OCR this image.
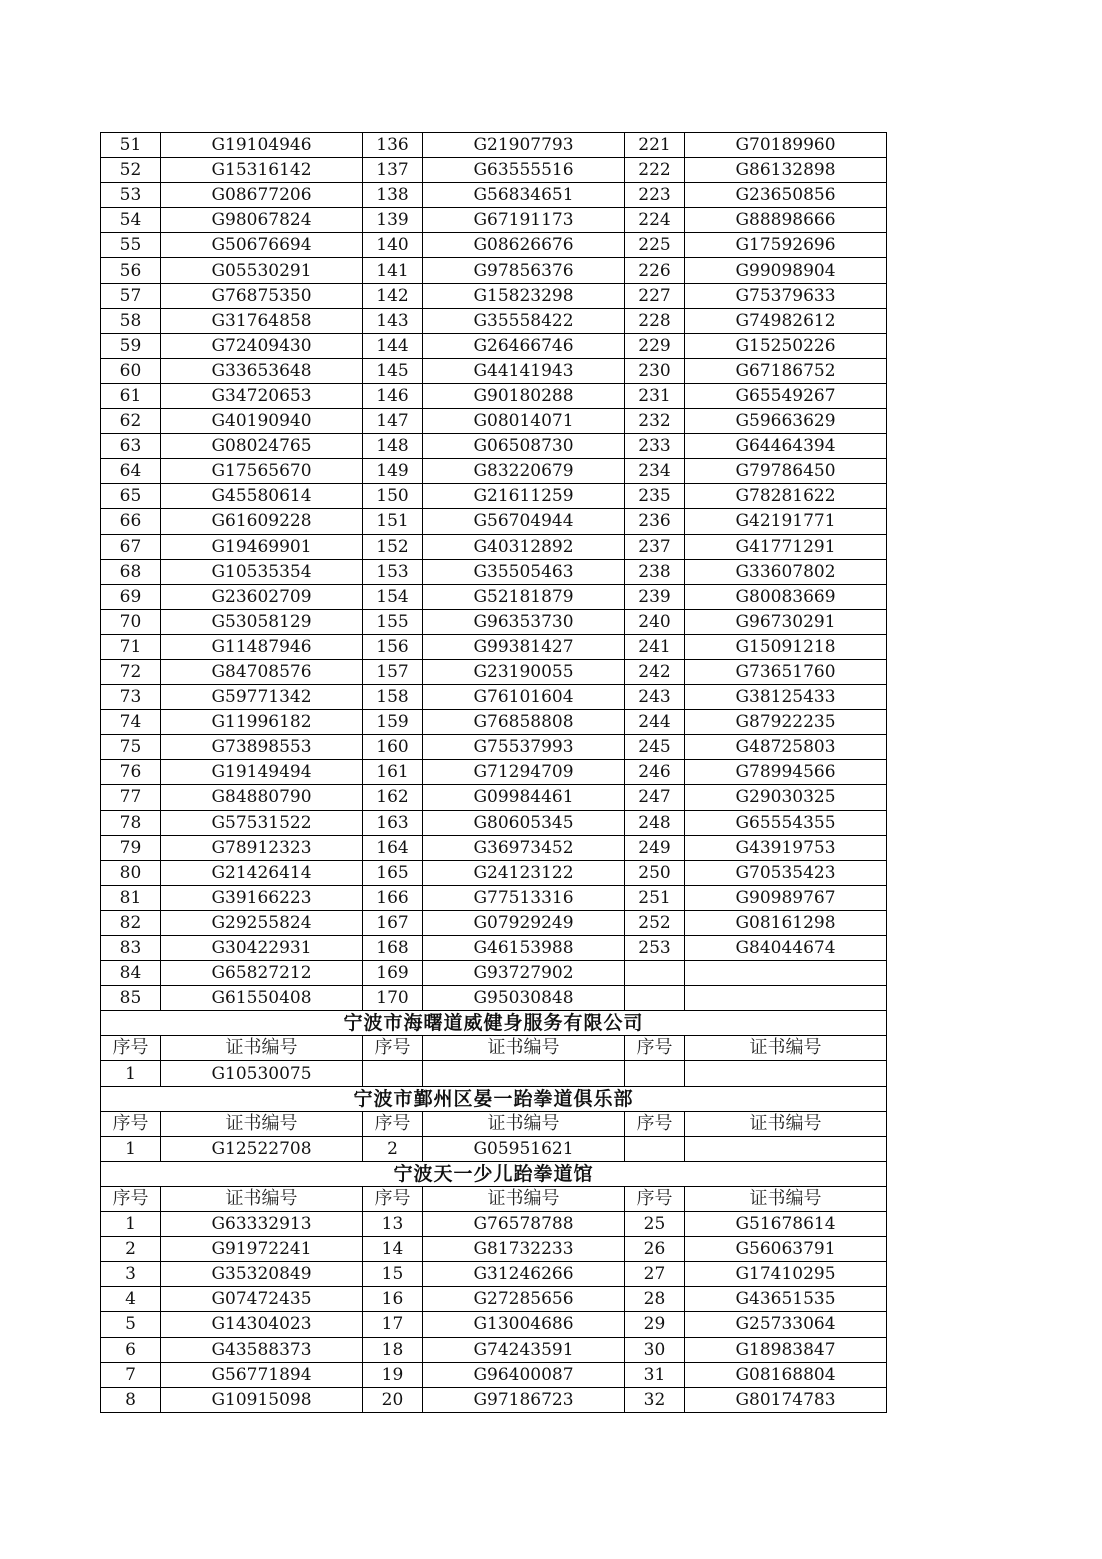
51	G19104946	136	G21907793	221	G70189960
52	G15316142	137	G63555516	222	G86132898
53	G08677206	138	G56834651	223	G23650856
54	G98067824	139	G67191173	224	G88898666
55	G50676694	140	G08626676	225	G17592696
56	G05530291	141	G97856376	226	G99098904
57	G76875350	142	G15823298	227	G75379633
58	G31764858	143	G35558422	228	G74982612
59	G72409430	144	G26466746	229	G15250226
60	G33653648	145	G44141943	230	G67186752
61	G34720653	146	G90180288	231	G65549267
62	G40190940	147	G08014071	232	G59663629
63	G08024765	148	G06508730	233	G64464394
64	G17565670	149	G83220679	234	G79786450
65	G45580614	150	G21611259	235	G78281622
66	G61609228	151	G56704944	236	G42191771
67	G19469901	152	G40312892	237	G41771291
68	G10535354	153	G35505463	238	G33607802
69	G23602709	154	G52181879	239	G80083669
70	G53058129	155	G96353730	240	G96730291
71	G11487946	156	G99381427	241	G15091218
72	G84708576	157	G23190055	242	G73651760
73	G59771342	158	G76101604	243	G38125433
74	G11996182	159	G76858808	244	G87922235
75	G73898553	160	G75537993	245	G48725803
76	G19149494	161	G71294709	246	G78994566
77	G84880790	162	G09984461	247	G29030325
78	G57531522	163	G80605345	248	G65554355
79	G78912323	164	G36973452	249	G43919753
80	G21426414	165	G24123122	250	G70535423
81	G39166223	166	G77513316	251	G90989767
82	G29255824	167	G07929249	252	G08161298
83	G30422931	168	G46153988	253	G84044674
84	G65827212	169	G93727902		
85	G61550408	170	G95030848		
宁波市海曙道威健身服务有限公司					
序号	证书编号	序号	证书编号	序号	证书编号
1	G10530075				
宁波市鄞州区晏一跆拳道俱乐部					
序号	证书编号	序号	证书编号	序号	证书编号
1	G12522708	2	G05951621		
宁波天一少儿跆拳道馆					
序号	证书编号	序号	证书编号	序号	证书编号
1	G63332913	13	G76578788	25	G51678614
2	G91972241	14	G81732233	26	G56063791
3	G35320849	15	G31246266	27	G17410295
4	G07472435	16	G27285656	28	G43651535
5	G14304023	17	G13004686	29	G25733064
6	G43588373	18	G74243591	30	G18983847
7	G56771894	19	G96400087	31	G08168804
8	G10915098	20	G97186723	32	G80174783
